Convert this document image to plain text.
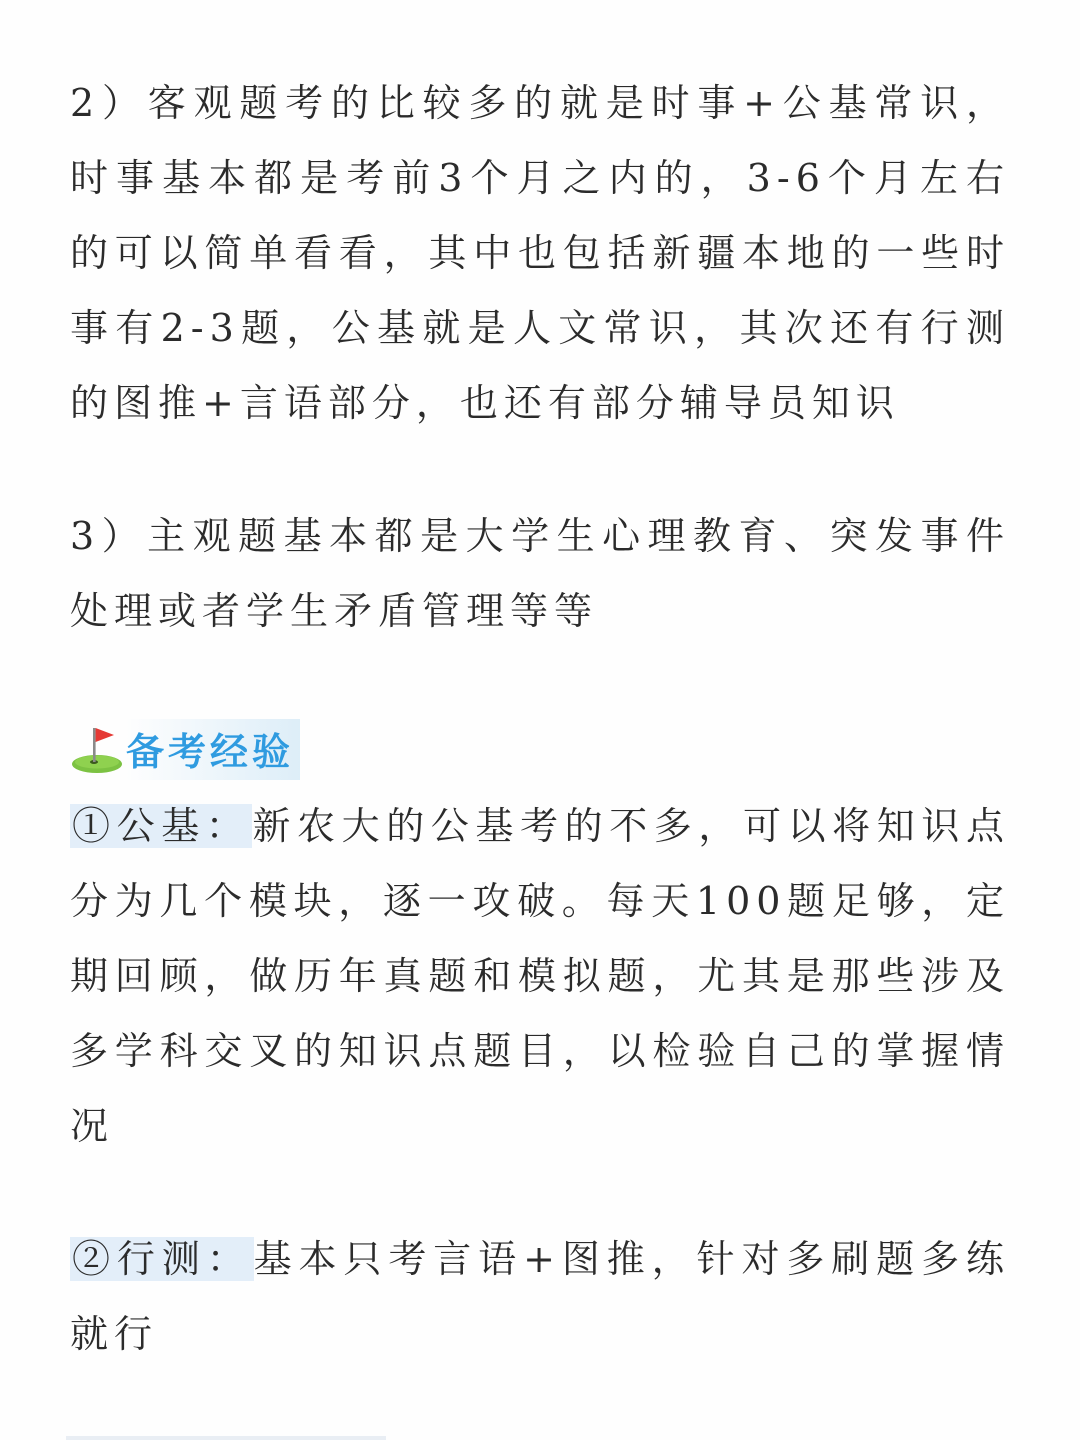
2）客观题考的比较多的就是时事+公基常识，时事基本都是考前3个月之内的，3-6个月左右的可以简单看看，其中也包括新疆本地的一些时事有2-3题，公基就是人文常识，其次还有行测的图推+言语部分，也还有部分辅导员知识

3）主观题基本都是大学生心理教育、突发事件处理或者学生矛盾管理等等

备考经验

①公基：新农大的公基考的不多，可以将知识点分为几个模块，逐一攻破。每天100题足够，定期回顾，做历年真题和模拟题，尤其是那些涉及多学科交叉的知识点题目，以检验自己的掌握情况

②行测：基本只考言语+图推，针对多刷题多练就行
